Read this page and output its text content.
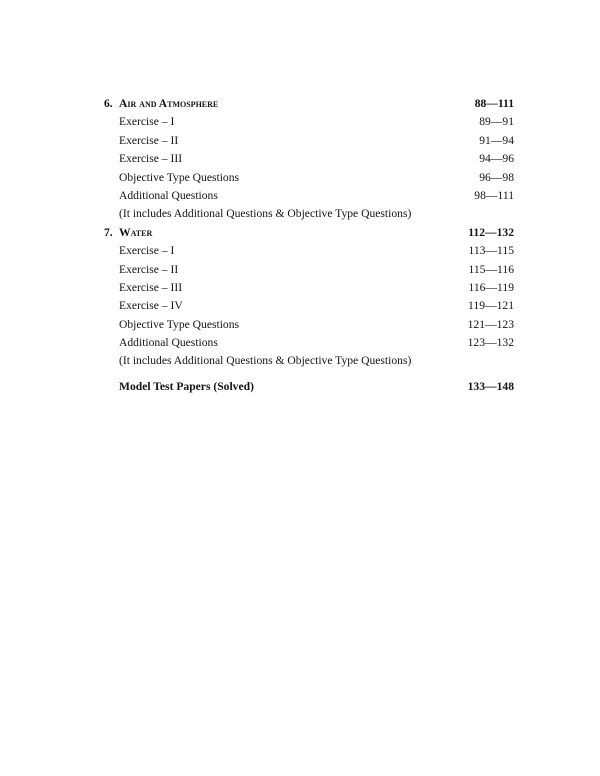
6. Air and Atmosphere	88—111
Exercise – I	89—91
Exercise – II	91—94
Exercise – III	94—96
Objective Type Questions	96—98
Additional Questions	98—111
(It includes Additional Questions & Objective Type Questions)
7. Water	112—132
Exercise – I	113—115
Exercise – II	115—116
Exercise – III	116—119
Exercise – IV	119—121
Objective Type Questions	121—123
Additional Questions	123—132
(It includes Additional Questions & Objective Type Questions)
Model Test Papers (Solved)	133—148
